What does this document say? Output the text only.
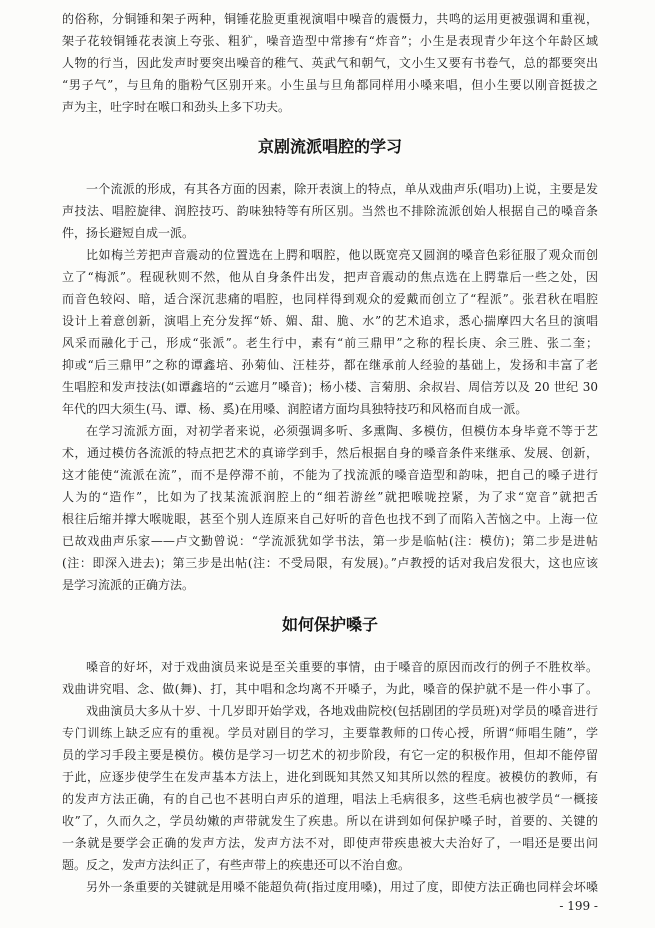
的俗称，分铜锤和架子两种，铜锤花脸更重视演唱中噪音的震慑力，共鸣的运用更被强调和重视，
架子花较铜锤花表演上夸张、粗犷，噪音造型中常掺有“炸音”；小生是表现青少年这个年龄区域
人物的行当，因此发声时要突出噪音的稚气、英武气和朝气，文小生又要有书卷气，总的都要突出
“男子气”，与旦角的脂粉气区别开来。小生虽与旦角都同样用小嗓来唱，但小生要以刚音挺拔之
声为主，吐字时在喉口和劲头上多下功夫。
京剧流派唱腔的学习
一个流派的形成，有其各方面的因素，除开表演上的特点，单从戏曲声乐(唱功)上说，主要是发
声技法、唱腔旋律、润腔技巧、韵味独特等有所区别。当然也不排除流派创始人根据自己的嗓音条
件，扬长避短自成一派。
比如梅兰芳把声音震动的位置选在上腭和咽腔，他以既宽亮又圆润的嗓音色彩征服了观众而创
立了“梅派”。程砚秋则不然，他从自身条件出发，把声音震动的焦点选在上腭靠后一些之处，因
而音色较闷、暗，适合深沉悲痛的唱腔，也同样得到观众的爱戴而创立了“程派”。张君秋在唱腔
设计上着意创新，演唱上充分发挥“娇、媚、甜、脆、水”的艺术追求，悉心揣摩四大名旦的演唱
风采而融化于己，形成“张派”。老生行中，素有“前三鼎甲”之称的程长庚、余三胜、张二奎；
抑或“后三鼎甲”之称的谭鑫培、孙菊仙、汪桂芬，都在继承前人经验的基础上，发扬和丰富了老
生唱腔和发声技法(如谭鑫培的“云遮月”嗓音)；杨小楼、言菊朋、余叔岩、周信芳以及 20 世纪 30
年代的四大须生(马、谭、杨、奚)在用嗓、润腔诸方面均具独特技巧和风格而自成一派。
在学习流派方面，对初学者来说，必须强调多听、多熏陶、多模仿，但模仿本身毕竟不等于艺
术，通过模仿各流派的特点把艺术的真谛学到手，然后根据自身的嗓音条件来继承、发展、创新，
这才能使“流派在流”，而不是停滞不前，不能为了找流派的嗓音造型和韵味，把自己的嗓子进行
人为的“造作”，比如为了找某流派润腔上的“细若游丝”就把喉咙控紧，为了求“宽音”就把舌
根往后缩并撑大喉咙眼，甚至个别人连原来自己好听的音色也找不到了而陷入苦恼之中。上海一位
已故戏曲声乐家——卢文勤曾说：“学流派犹如学书法，第一步是临帖(注：模仿)；第二步是进帖
(注：即深入进去)；第三步是出帖(注：不受局限，有发展)。”卢教授的话对我启发很大，这也应该
是学习流派的正确方法。
如何保护嗓子
嗓音的好坏，对于戏曲演员来说是至关重要的事情，由于嗓音的原因而改行的例子不胜枚举。
戏曲讲究唱、念、做(舞)、打，其中唱和念均离不开嗓子，为此，嗓音的保护就不是一件小事了。
戏曲演员大多从十岁、十几岁即开始学戏，各地戏曲院校(包括剧团的学员班)对学员的嗓音进行
专门训练上缺乏应有的重视。学员对剧目的学习，主要靠教师的口传心授，所谓“师唱生随”，学
员的学习手段主要是模仿。模仿是学习一切艺术的初步阶段，有它一定的积极作用，但却不能停留
于此，应逐步使学生在发声基本方法上，进化到既知其然又知其所以然的程度。被模仿的教师，有
的发声方法正确，有的自己也不甚明白声乐的道理，唱法上毛病很多，这些毛病也被学员“一概接
收”了，久而久之，学员幼嫩的声带就发生了疾患。所以在讲到如何保护嗓子时，首要的、关键的
一条就是要学会正确的发声方法，发声方法不对，即使声带疾患被大夫治好了，一唱还是要出问
题。反之，发声方法纠正了，有些声带上的疾患还可以不治自愈。
另外一条重要的关键就是用嗓不能超负荷(指过度用嗓)，用过了度，即使方法正确也同样会坏嗓
- 199 -
